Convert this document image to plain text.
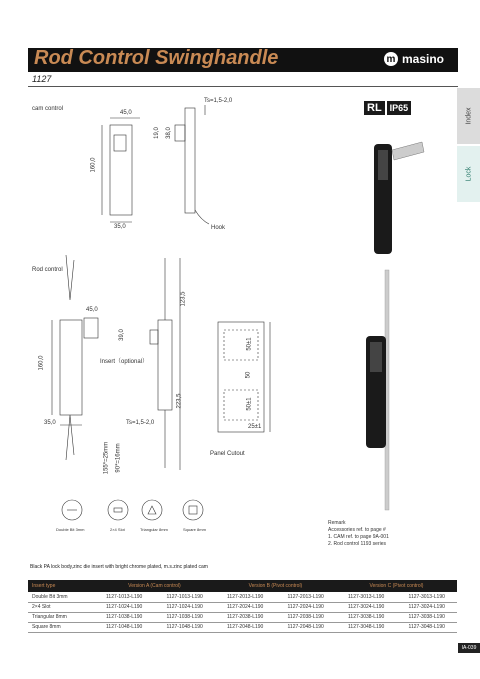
Rod Control Swinghandle	m masino
1127
Index
Lock
RL IP65
cam control
45,0
19,0 38,0
160,0
35,0
Ts=1,5-2,0
Hook
Rod control
45,0
39,0
160,0
35,0
Insert（optional）
Ts=1,5-2,0
123,5
223,5
155*=25mm 90*=16mm	Panel Cutout
50±1
50
50±1
25±1
Double Bit 3mm	2×4 Slot	Triangular 8mm	Square 8mm
Remark
Accessories ref. to page #
1. CAM ref. to page 9A-001
2. Rod control 1193 series
Black PA lock body,zinc die insert with bright chrome plated, m.s.zinc plated cam
Insert type	Version A (Cam control)		Version B (Pivot control)		Version C (Pivot control)	
Double Bit 3mm	1127-1013-L190	1127-1013-L190	1127-2013-L190	1127-2013-L190	1127-3013-L190	1127-3013-L190
2×4 Slot	1127-1024-L190	1127-1024-L190	1127-2024-L190	1127-2024-L190	1127-3024-L190	1127-3024-L190
Triangular 8mm	1127-1038-L190	1127-1038-L190	1127-2038-L190	1127-2038-L190	1127-3038-L190	1127-3038-L190
Square 8mm	1127-1048-L190	1127-1048-L190	1127-2048-L190	1127-2048-L190	1127-3048-L190	1127-3048-L190
IA-039
